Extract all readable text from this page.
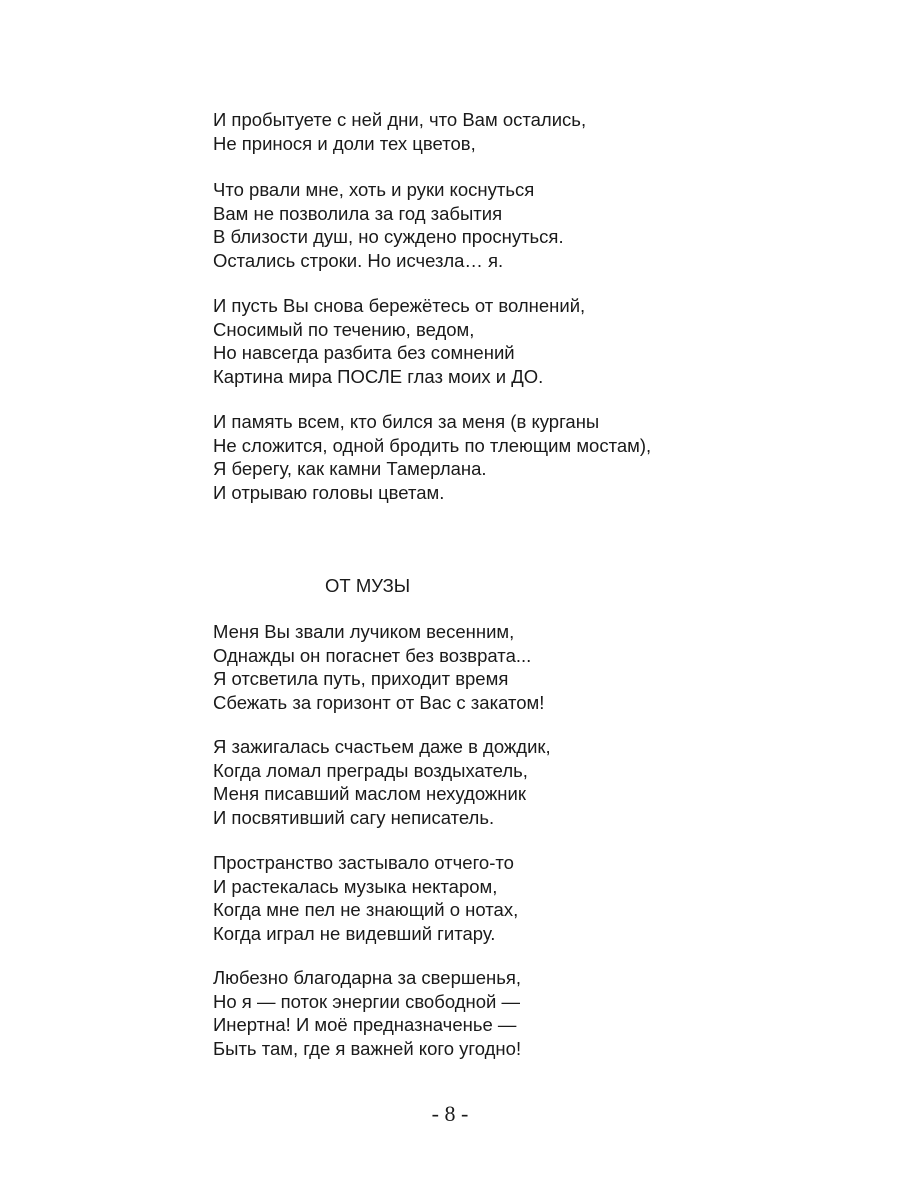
И пробытуете с ней дни, что Вам остались,
Не принося и доли тех цветов,
Что рвали мне, хоть и руки коснуться
Вам не позволила за год забытия
В близости душ, но суждено проснуться.
Остались строки. Но исчезла… я.
И пусть Вы снова бережётесь от волнений,
Сносимый по течению, ведом,
Но навсегда разбита без сомнений
Картина мира ПОСЛЕ глаз моих и ДО.
И память всем, кто бился за меня (в курганы
Не сложится, одной бродить по тлеющим мостам),
Я берегу, как камни Тамерлана.
И отрываю головы цветам.
ОТ МУЗЫ
Меня Вы звали лучиком весенним,
Однажды он погаснет без возврата...
Я отсветила путь, приходит время
Сбежать за горизонт от Вас с закатом!
Я зажигалась счастьем даже в дождик,
Когда ломал преграды воздыхатель,
Меня писавший маслом нехудожник
И посвятивший сагу неписатель.
Пространство застывало отчего-то
И растекалась музыка нектаром,
Когда мне пел не знающий о нотах,
Когда играл не видевший гитару.
Любезно благодарна за свершенья,
Но я — поток энергии свободной —
Инертна! И моё предназначенье —
Быть там, где я важней кого угодно!
- 8 -
